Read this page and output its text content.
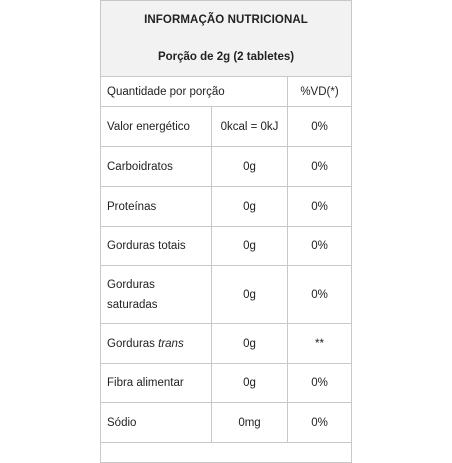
INFORMAÇÃO NUTRICIONAL		
Porção de 2g (2 tabletes)		
Quantidade por porção		%VD(*)
Valor energético	0kcal = 0kJ	0%
Carboidratos	0g	0%
Proteínas	0g	0%
Gorduras totais	0g	0%
Gorduras
saturadas	0g	0%
Gorduras trans	0g	**
Fibra alimentar	0g	0%
Sódio	0mg	0%
